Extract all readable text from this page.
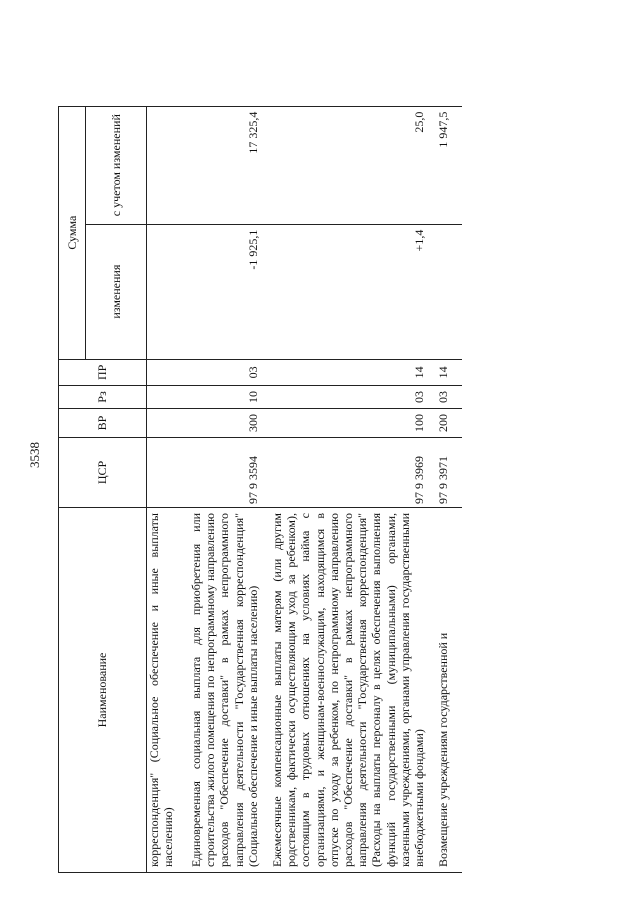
3538
Наименование	ЦСР	ВР	Рз	ПР	Сумма	
					изменения	с учетом изменений
корреспонденция" (Социальное обеспечение и иные выплаты населению)						
Единовременная социальная выплата для приобретения или строительства жилого помещения по непрограммному направлению расходов "Обеспечение доставки" в рамках непрограммного направления деятельности "Государственная корреспонденция" (Социальное обеспечение и иные выплаты населению)	97 9 3594	300	10	03	-1 925,1	17 325,4
Ежемесячные компенсационные выплаты матерям (или другим родственникам, фактически осуществляющим уход за ребенком), состоящим в трудовых отношениях на условиях найма с организациями, и женщинам-военнослужащим, находящимся в отпуске по уходу за ребенком, по непрограммному направлению расходов "Обеспечение доставки" в рамках непрограммного направления деятельности "Государственная корреспонденция" (Расходы на выплаты персоналу в целях обеспечения выполнения функций государственными (муниципальными) органами, казенными учреждениями, органами управления государственными внебюджетными фондами)	97 9 3969	100	03	14	+1,4	25,0
Возмещение учреждениям государственной и	97 9 3971	200	03	14		1 947,5
